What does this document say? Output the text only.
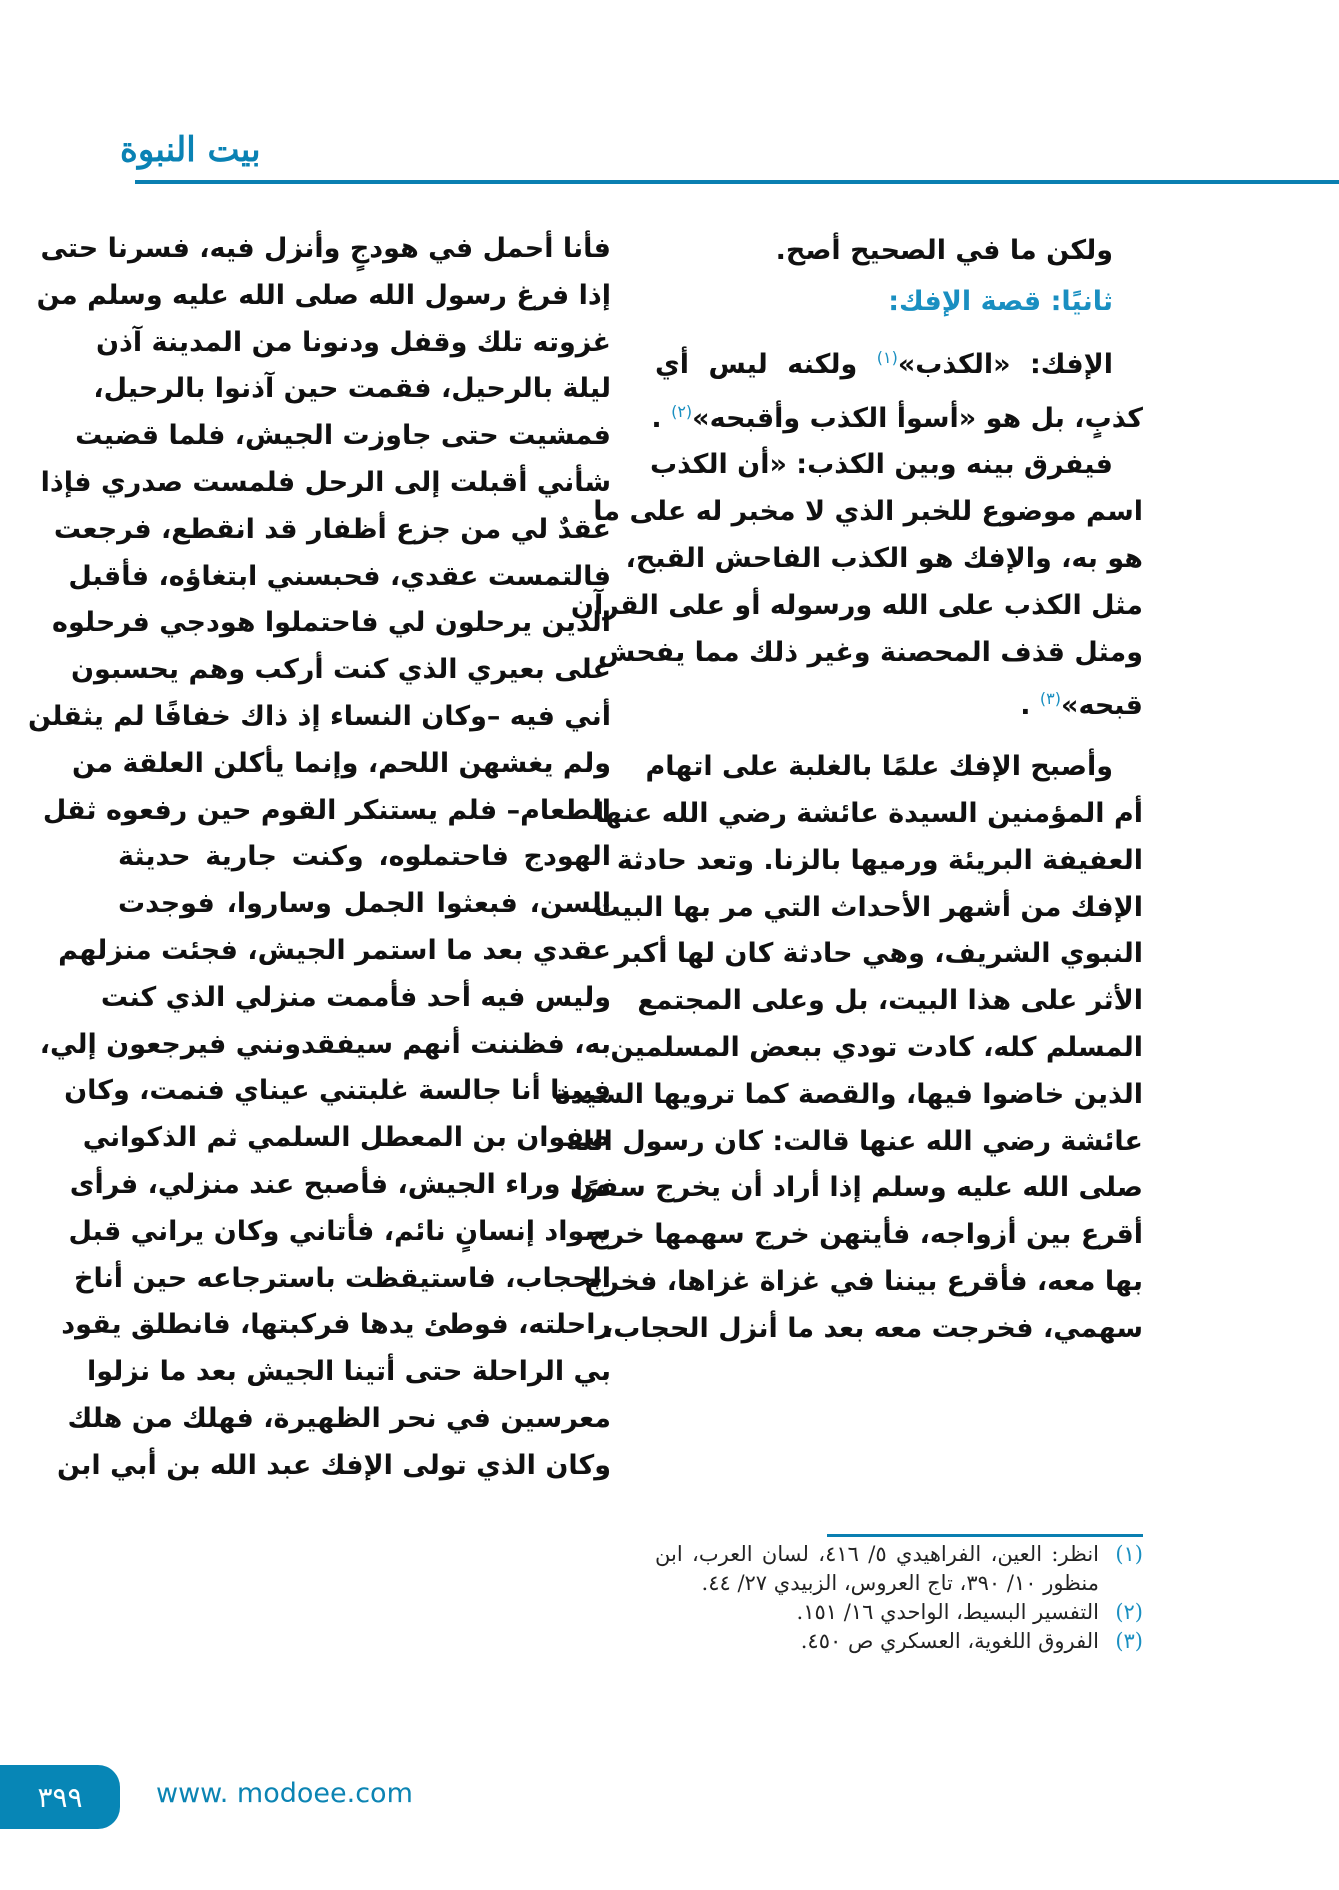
بيت النبوة

ولكن ما في الصحيح أصح.

ثانيًا: قصة الإفك:

الإفك: «الكذب»$^{(١)}$ ولكنه ليس أي
كذبٍ، بل هو «أسوأ الكذب وأقبحه»$^{(٢)}$ .

فيفرق بينه وبين الكذب: «أن الكذب
اسم موضوع للخبر الذي لا مخبر له على ما
هو به، والإفك هو الكذب الفاحش القبح،
مثل الكذب على الله ورسوله أو على القرآن
ومثل قذف المحصنة وغير ذلك مما يفحش
قبحه»$^{(٣)}$ .

وأصبح الإفك علمًا بالغلبة على اتهام
أم المؤمنين السيدة عائشة رضي الله عنها
العفيفة البريئة ورميها بالزنا. وتعد حادثة
الإفك من أشهر الأحداث التي مر بها البيت
النبوي الشريف، وهي حادثة كان لها أكبر
الأثر على هذا البيت، بل وعلى المجتمع
المسلم كله، كادت تودي ببعض المسلمين
الذين خاضوا فيها، والقصة كما ترويها السيدة
عائشة رضي الله عنها قالت: كان رسول الله
صلى الله عليه وسلم إذا أراد أن يخرج سفرًا
أقرع بين أزواجه، فأيتهن خرج سهمها خرج
بها معه، فأقرع بيننا في غزاة غزاها، فخرج
سهمي، فخرجت معه بعد ما أنزل الحجاب،

(١)
انظر: العين، الفراهيدي ٥/ ٤١٦، لسان العرب، ابن منظور ١٠/ ٣٩٠، تاج العروس، الزبيدي ٢٧/ ٤٤.
(٢)
التفسير البسيط، الواحدي ١٦/ ١٥١.
(٣)
الفروق اللغوية، العسكري ص ٤٥٠.

فأنا أحمل في هودجٍ وأنزل فيه، فسرنا حتى
إذا فرغ رسول الله صلى الله عليه وسلم من
غزوته تلك وقفل ودنونا من المدينة آذن
ليلة بالرحيل، فقمت حين آذنوا بالرحيل،
فمشيت حتى جاوزت الجيش، فلما قضيت
شأني أقبلت إلى الرحل فلمست صدري فإذا
عقدٌ لي من جزع أظفار قد انقطع، فرجعت
فالتمست عقدي، فحبسني ابتغاؤه، فأقبل
الذين يرحلون لي فاحتملوا هودجي فرحلوه
على بعيري الذي كنت أركب وهم يحسبون
أني فيه –وكان النساء إذ ذاك خفافًا لم يثقلن
ولم يغشهن اللحم، وإنما يأكلن العلقة من
الطعام– فلم يستنكر القوم حين رفعوه ثقل
الهودج فاحتملوه، وكنت جارية حديثة
السن، فبعثوا الجمل وساروا، فوجدت
عقدي بعد ما استمر الجيش، فجئت منزلهم
وليس فيه أحد فأممت منزلي الذي كنت
به، فظننت أنهم سيفقدونني فيرجعون إلي،
فبينا أنا جالسة غلبتني عيناي فنمت، وكان
صفوان بن المعطل السلمي ثم الذكواني
من وراء الجيش، فأصبح عند منزلي، فرأى
سواد إنسانٍ نائم، فأتاني وكان يراني قبل
الحجاب، فاستيقظت باسترجاعه حين أناخ
راحلته، فوطئ يدها فركبتها، فانطلق يقود
بي الراحلة حتى أتينا الجيش بعد ما نزلوا
معرسين في نحر الظهيرة، فهلك من هلك
وكان الذي تولى الإفك عبد الله بن أبي ابن

٣٩٩	www. modoee.com
